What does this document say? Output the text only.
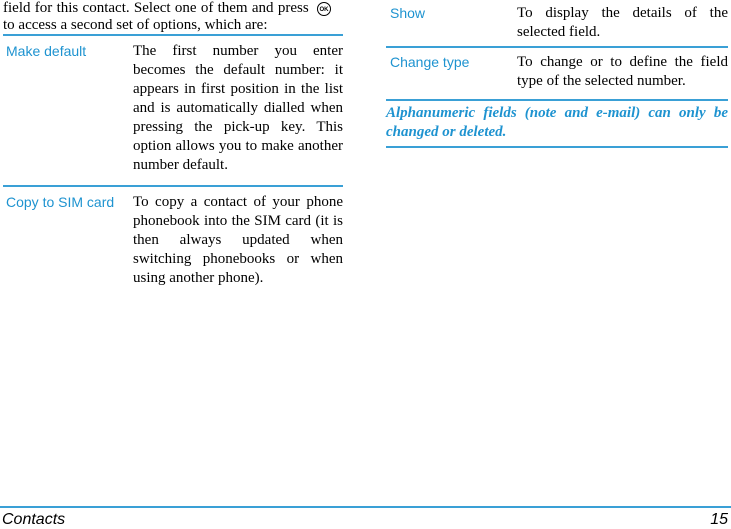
field for this contact. Select one of them and press OKto access a second set of options, which are:

Make default	The first number you enter becomes the default number: it appears in first position in the list and is automatically dialled when pressing the pick-up key. This option allows you to make another number default.
Copy to SIM card	To copy a contact of your phone phonebook into the SIM card (it is then always updated when switching phonebooks or when using another phone).
Show	To display the details of the selected field.
Change type	To change or to define the field type of the selected number.
Alphanumeric fields (note and e-mail) can only be changed or deleted.
Contacts	15
